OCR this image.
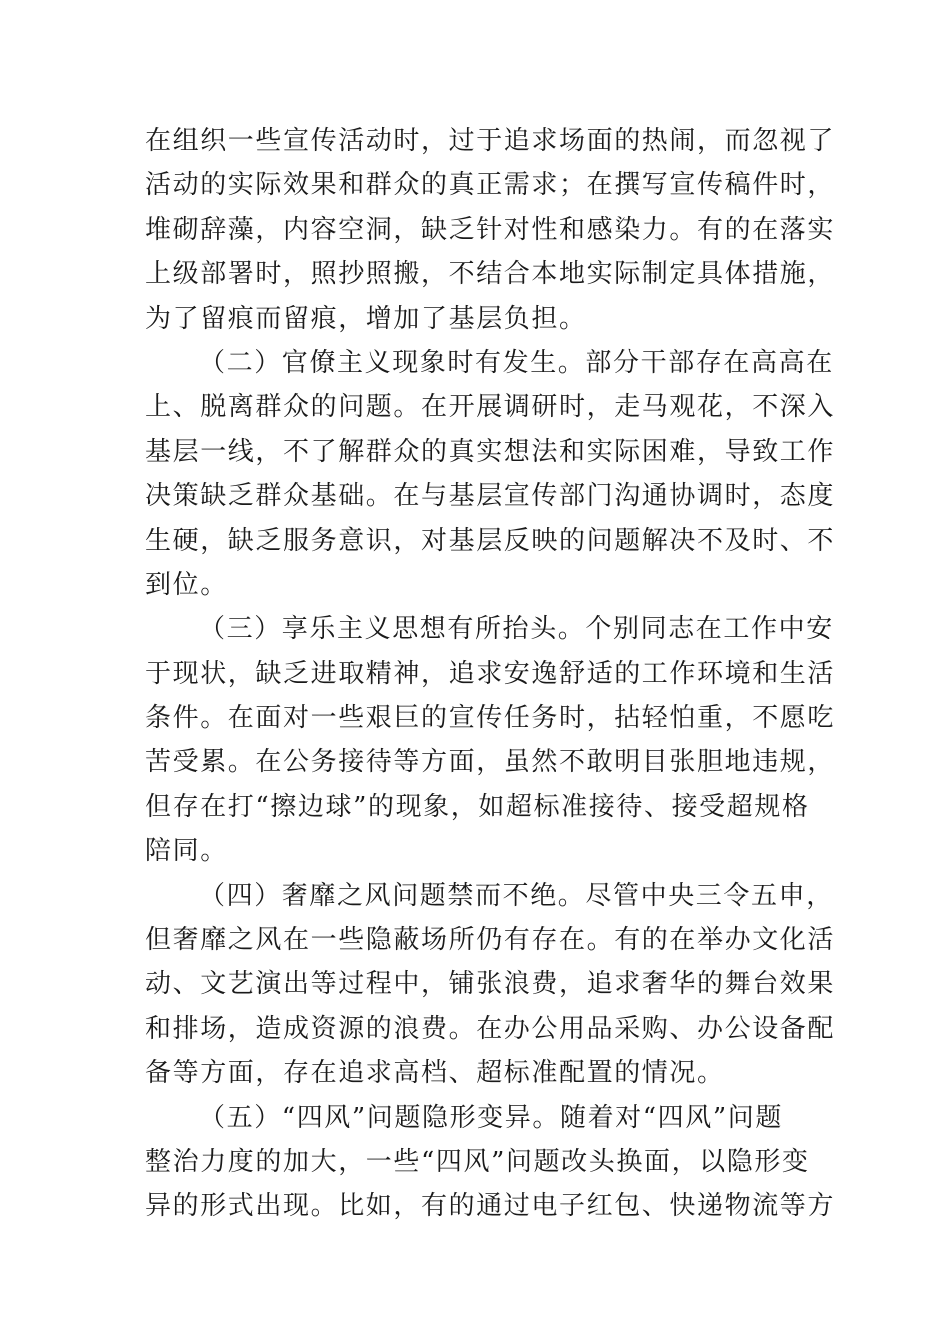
在组织一些宣传活动时，过于追求场面的热闹，而忽视了
活动的实际效果和群众的真正需求；在撰写宣传稿件时，
堆砌辞藻，内容空洞，缺乏针对性和感染力。有的在落实
上级部署时，照抄照搬，不结合本地实际制定具体措施，
为了留痕而留痕，增加了基层负担。
（二）官僚主义现象时有发生。部分干部存在高高在
上、脱离群众的问题。在开展调研时，走马观花，不深入
基层一线，不了解群众的真实想法和实际困难，导致工作
决策缺乏群众基础。在与基层宣传部门沟通协调时，态度
生硬，缺乏服务意识，对基层反映的问题解决不及时、不
到位。
（三）享乐主义思想有所抬头。个别同志在工作中安
于现状，缺乏进取精神，追求安逸舒适的工作环境和生活
条件。在面对一些艰巨的宣传任务时，拈轻怕重，不愿吃
苦受累。在公务接待等方面，虽然不敢明目张胆地违规，
但存在打“擦边球”的现象，如超标准接待、接受超规格
陪同。
（四）奢靡之风问题禁而不绝。尽管中央三令五申，
但奢靡之风在一些隐蔽场所仍有存在。有的在举办文化活
动、文艺演出等过程中，铺张浪费，追求奢华的舞台效果
和排场，造成资源的浪费。在办公用品采购、办公设备配
备等方面，存在追求高档、超标准配置的情况。
（五）“四风”问题隐形变异。随着对“四风”问题
整治力度的加大，一些“四风”问题改头换面，以隐形变
异的形式出现。比如，有的通过电子红包、快递物流等方
